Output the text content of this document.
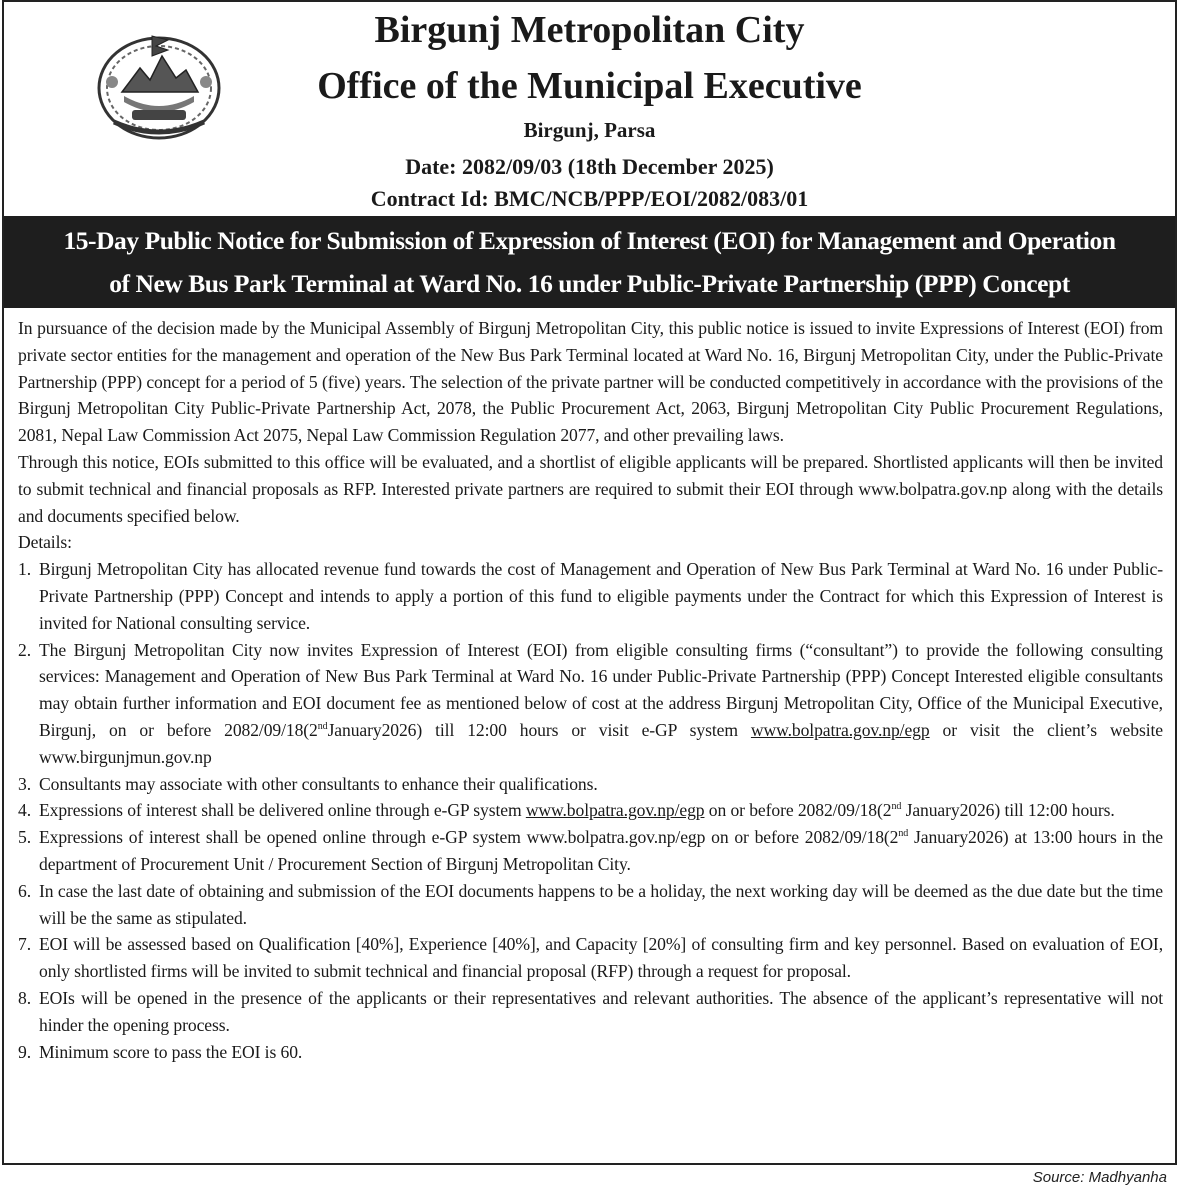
Birgunj Metropolitan City
Office of the Municipal Executive
Birgunj, Parsa
Date: 2082/09/03 (18th December 2025)
Contract Id: BMC/NCB/PPP/EOI/2082/083/01
15-Day Public Notice for Submission of Expression of Interest (EOI) for Management and Operation
of New Bus Park Terminal at Ward No. 16 under Public-Private Partnership (PPP) Concept

In pursuance of the decision made by the Municipal Assembly of Birgunj Metropolitan City, this public notice is issued to invite Expressions of Interest (EOI) from private sector entities for the management and operation of the New Bus Park Terminal located at Ward No. 16, Birgunj Metropolitan City, under the Public-Private Partnership (PPP) concept for a period of 5 (five) years. The selection of the private partner will be conducted competitively in accordance with the provisions of the Birgunj Metropolitan City Public-Private Partnership Act, 2078, the Public Procurement Act, 2063, Birgunj Metropolitan City Public Procurement Regulations, 2081, Nepal Law Commission Act 2075, Nepal Law Commission Regulation 2077, and other prevailing laws.

Through this notice, EOIs submitted to this office will be evaluated, and a shortlist of eligible applicants will be prepared. Shortlisted applicants will then be invited to submit technical and financial proposals as RFP. Interested private partners are required to submit their EOI through www.bolpatra.gov.np along with the details and documents specified below.

Details:

1. Birgunj Metropolitan City has allocated revenue fund towards the cost of Management and Operation of New Bus Park Terminal at Ward No. 16 under Public-Private Partnership (PPP) Concept and intends to apply a portion of this fund to eligible payments under the Contract for which this Expression of Interest is invited for National consulting service.
2. The Birgunj Metropolitan City now invites Expression of Interest (EOI) from eligible consulting firms (“consultant”) to provide the following consulting services: Management and Operation of New Bus Park Terminal at Ward No. 16 under Public-Private Partnership (PPP) Concept Interested eligible consultants may obtain further information and EOI document fee as mentioned below of cost at the address Birgunj Metropolitan City, Office of the Municipal Executive, Birgunj, on or before 2082/09/18(2ndJanuary2026) till 12:00 hours or visit e-GP system www.bolpatra.gov.np/egp or visit the client’s website www.birgunjmun.gov.np
3. Consultants may associate with other consultants to enhance their qualifications.
4. Expressions of interest shall be delivered online through e-GP system www.bolpatra.gov.np/egp on or before 2082/09/18(2nd January2026) till 12:00 hours.
5. Expressions of interest shall be opened online through e-GP system www.bolpatra.gov.np/egp on or before 2082/09/18(2nd January2026) at 13:00 hours in the department of Procurement Unit / Procurement Section of Birgunj Metropolitan City.
6. In case the last date of obtaining and submission of the EOI documents happens to be a holiday, the next working day will be deemed as the due date but the time will be the same as stipulated.
7. EOI will be assessed based on Qualification [40%], Experience [40%], and Capacity [20%] of consulting firm and key personnel. Based on evaluation of EOI, only shortlisted firms will be invited to submit technical and financial proposal (RFP) through a request for proposal.
8. EOIs will be opened in the presence of the applicants or their representatives and relevant authorities. The absence of the applicant’s representative will not hinder the opening process.
9. Minimum score to pass the EOI is 60.
Source: Madhyanha
